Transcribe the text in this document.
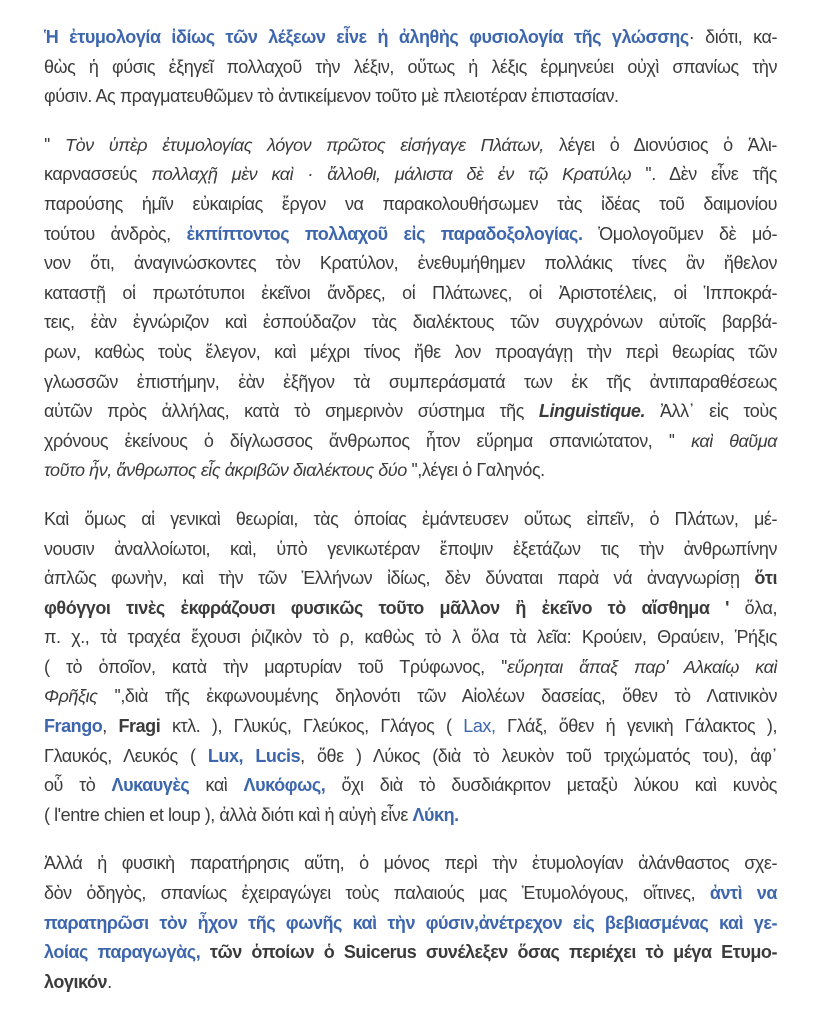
Ἡ ἐτυμολογία ἰδίως τῶν λέξεων εἶνε ἡ ἀληθὴς φυσιολογία τῆς γλώσσης· διότι, κα-
θὼς ἡ φύσις ἐξηγεῖ πολλαχοῦ τὴν λέξιν, οὕτως ἡ λέξις ἑρμηνεύει οὐχὶ σπανίως τὴν
φύσιν. Ας πραγματευθῶμεν τὸ ἀντικείμενον τοῦτο μὲ πλειοτέραν ἐπιστασίαν.
'' Τὸν ὑπὲρ ἐτυμολογίας λόγον πρῶτος εἰσήγαγε Πλάτων, λέγει ὁ Διονύσιος ὁ Ἁλι-
καρνασσεύς πολλαχῇ μὲν καὶ · ἄλλοθι, μάλιστα δὲ ἐν τῷ Κρατύλῳ ''. Δὲν εἶνε τῆς
παρούσης ἡμῖν εὐκαιρίας ἔργον να παρακολουθήσωμεν τὰς ἰδέας τοῦ δαιμονίου
τούτου ἀνδρὸς, ἐκπίπτοντος πολλαχοῦ εἰς παραδοξολογίας. Ὁμολογοῦμεν δὲ μό-
νον ὅτι, ἀναγινώσκοντες τὸν Κρατύλον, ἐνεθυμήθημεν πολλάκις τίνες ἂν ἤθελον
καταστῇ οἱ πρωτότυποι ἐκεῖνοι ἄνδρες, οἱ Πλάτωνες, οἱ Ἀριστοτέλεις, οἱ Ἱπποκρά-
τεις, ἐὰν ἐγνώριζον καὶ ἐσπούδαζον τὰς διαλέκτους τῶν συγχρόνων αὑτοῖς βαρβά-
ρων, καθὼς τοὺς ἔλεγον, καὶ μέχρι τίνος ἤθε λον προαγάγῃ τὴν περὶ θεωρίας τῶν
γλωσσῶν ἐπιστήμην, ἐὰν ἐξῆγον τὰ συμπεράσματά των ἐκ τῆς ἀντιπαραθέσεως
αὐτῶν πρὸς ἀλλήλας, κατὰ τὸ σημερινὸν σύστημα τῆς Linguistique. Ἀλλ᾽ εἰς τοὺς
χρόνους ἐκείνους ὁ δίγλωσσος ἄνθρωπος ἦτον εὕρημα σπανιώτατον, '' καὶ θαῦμα
τοῦτο ἦν, ἄνθρωπος εἷς ἀκριβῶν διαλέκτους δύο '',λέγει ὁ Γαληνός.
Καὶ ὅμως αἱ γενικαὶ θεωρίαι, τὰς ὁποίας ἐμάντευσεν οὕτως εἰπεῖν, ὁ Πλάτων, μέ-
νουσιν ἀναλλοίωτοι, καὶ, ὑπὸ γενικωτέραν ἔποψιν ἐξετάζων τις τὴν ἀνθρωπίνην
ἁπλῶς φωνὴν, καὶ τὴν τῶν Ἑλλήνων ἰδίως, δὲν δύναται παρὰ νά ἀναγνωρίσῃ ὅτι
φθόγγοι τινὲς ἐκφράζουσι φυσικῶς τοῦτο μᾶλλον ἢ ἐκεῖνο τὸ αἴσθημα ' ὅλα,
π. χ., τὰ τραχέα ἔχουσι ῥιζικὸν τὸ ρ, καθὼς τὸ λ ὅλα τὰ λεῖα: Κρούειν, Θραύειν, Ῥήξις
( τὸ ὁποῖον, κατὰ τὴν μαρτυρίαν τοῦ Τρύφωνος, ''εὕρηται ἅπαξ παρ' Αλκαίῳ καὶ
Φρῆξις '',διὰ τῆς ἐκφωνουμένης δηλονότι τῶν Αἰολέων δασείας, ὅθεν τὸ Λατινικὸν
Frango, Fragi κτλ. ), Γλυκύς, Γλεύκος, Γλάγος ( Lax, Γλάξ, ὅθεν ἡ γενικὴ Γάλακτος ),
Γλαυκός, Λευκός ( Lux, Lucis, ὅθε ) Λύκος (διὰ τὸ λευκὸν τοῦ τριχώματός του), ἀφ᾽
οὗ τὸ Λυκαυγὲς καὶ Λυκόφως, ὄχι διὰ τὸ δυσδιάκριτον μεταξὺ λύκου καὶ κυνὸς
( l'entre chien et loup ), ἀλλὰ διότι καὶ ἡ αὐγὴ εἶνε Λύκη.
Ἀλλά ἡ φυσικὴ παρατήρησις αὕτη, ὁ μόνος περὶ τὴν ἐτυμολογίαν ἀλάνθαστος σχε-
δὸν ὁδηγὸς, σπανίως ἐχειραγώγει τοὺς παλαιούς μας Ἐτυμολόγους, οἵτινες, ἀντὶ να
παρατηρῶσι τὸν ἦχον τῆς φωνῆς καὶ τὴν φύσιν,ἀνέτρεχον εἰς βεβιασμένας καὶ γε-
λοίας παραγωγὰς, τῶν ὁποίων ὁ Suicerus συνέλεξεν ὅσας περιέχει τὸ μέγα Ετυμο-
λογικόν.
